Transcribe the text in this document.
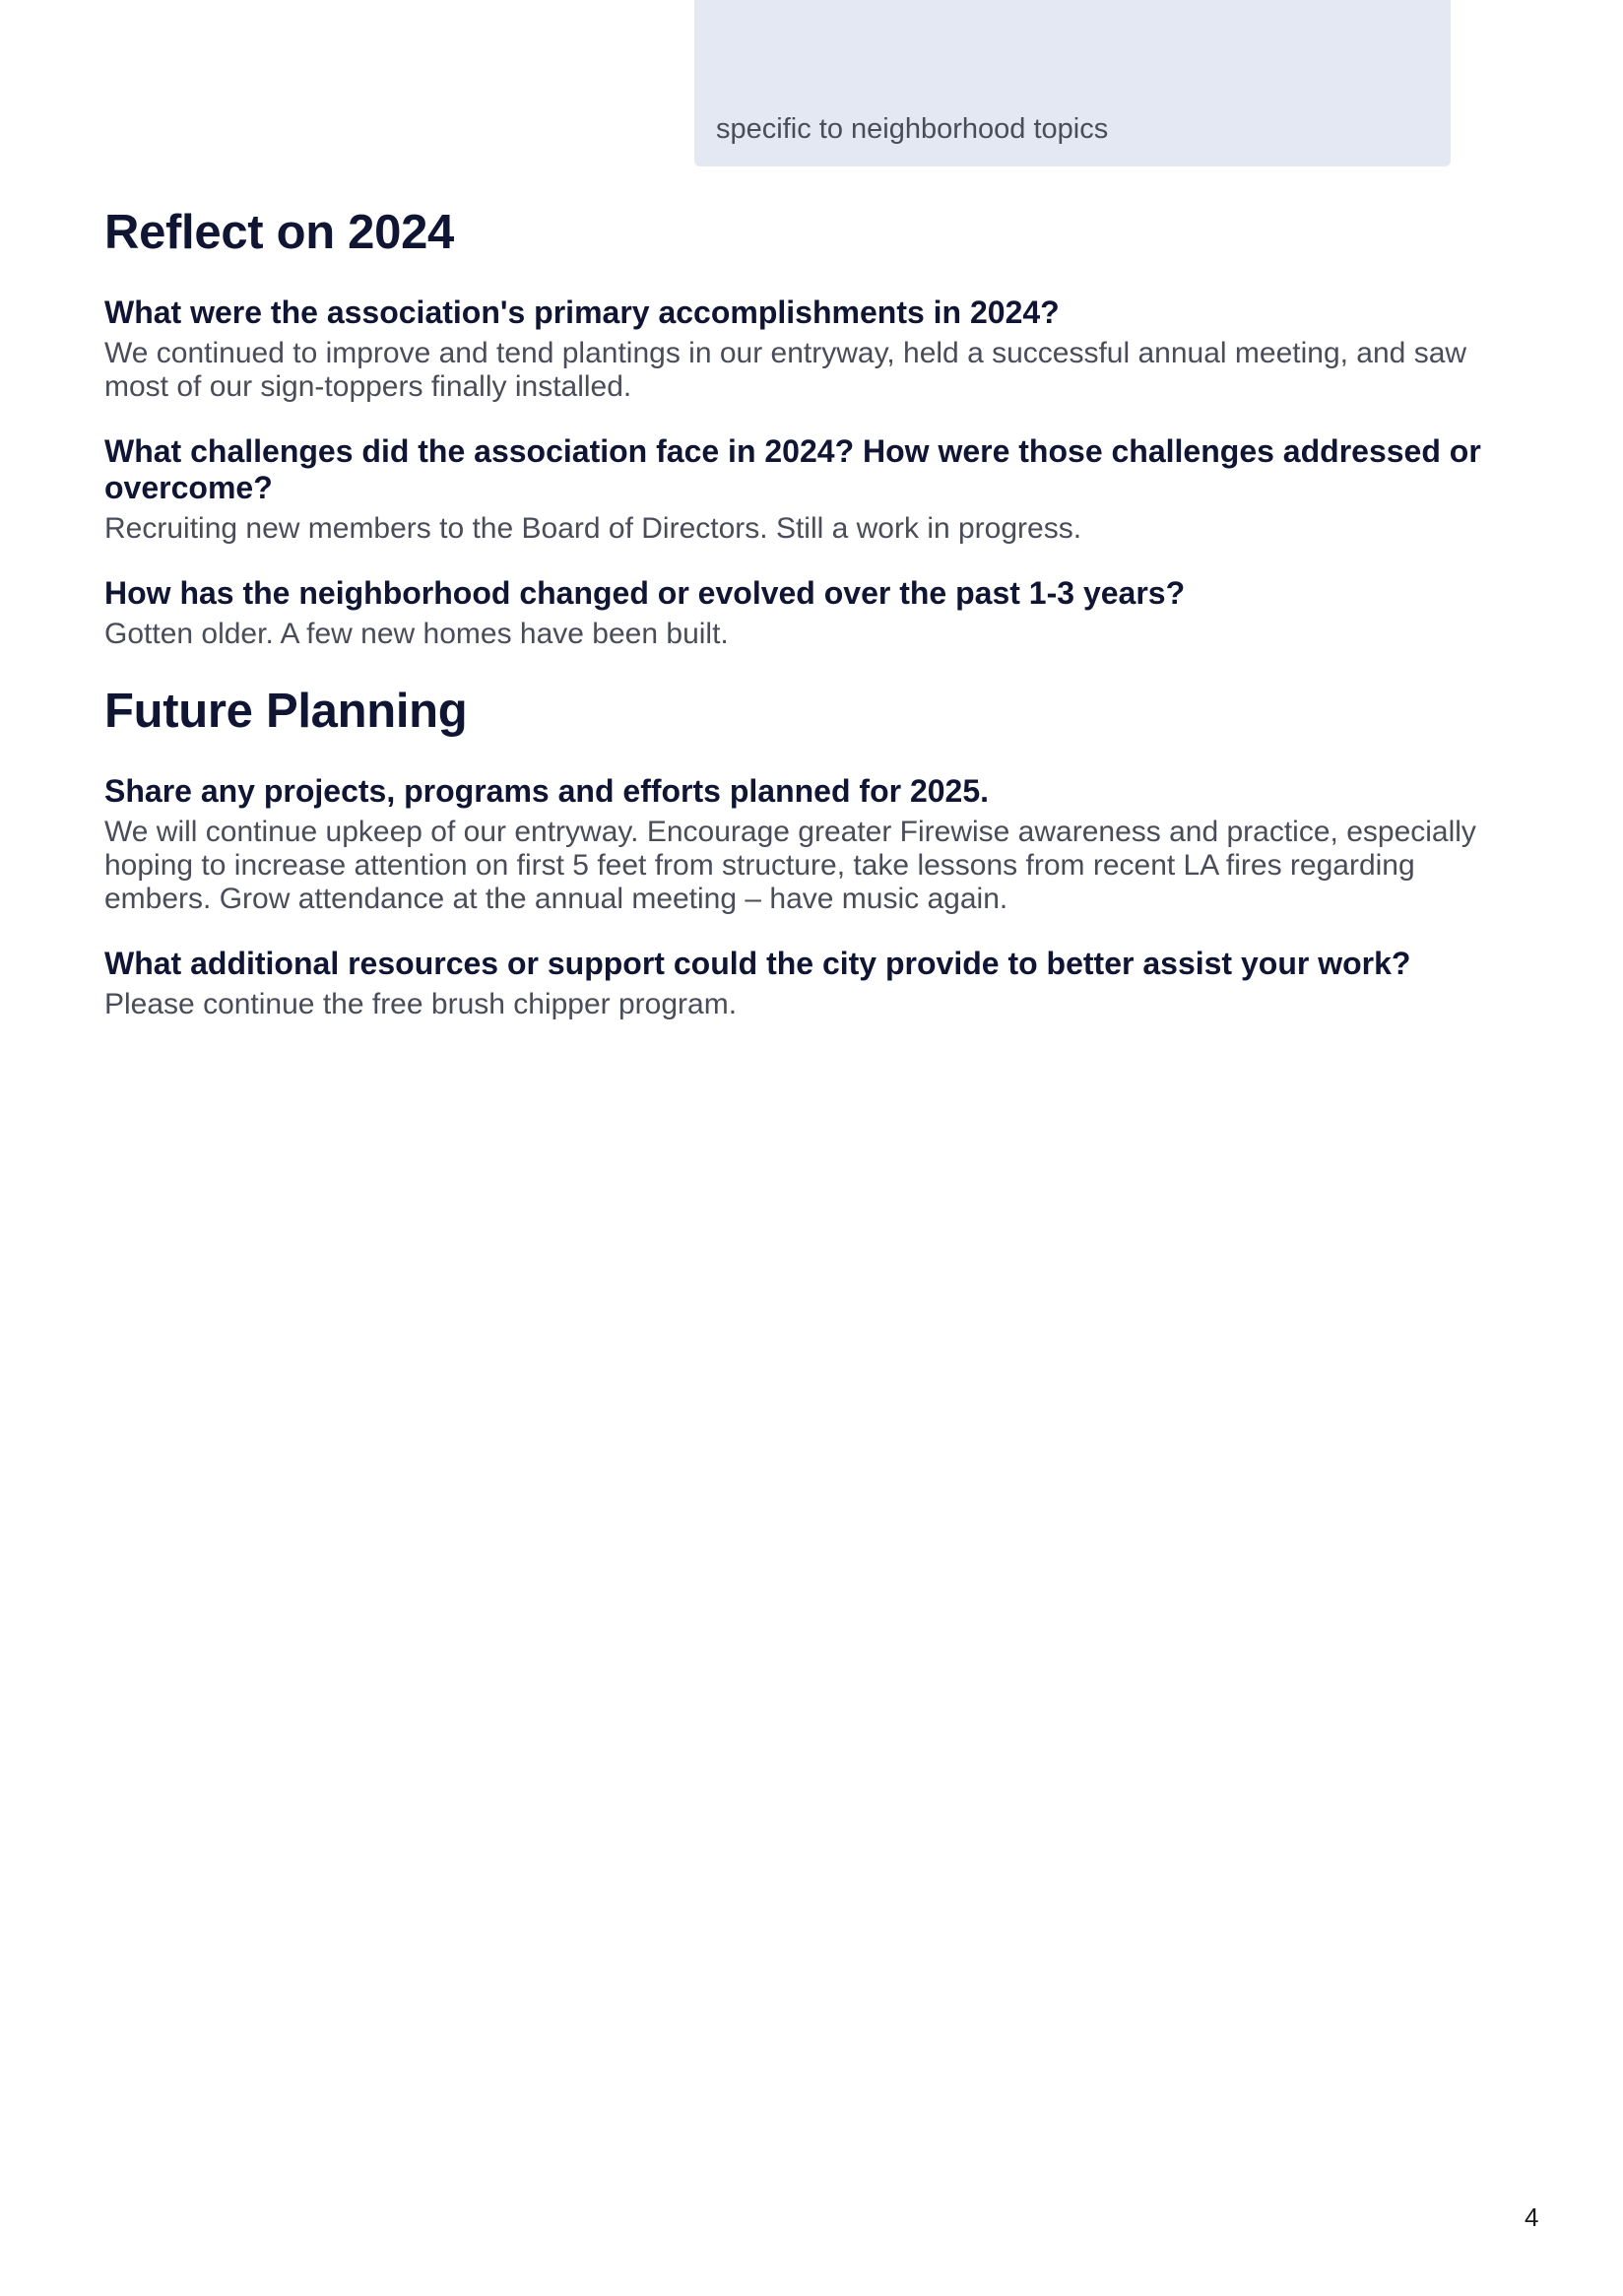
specific to neighborhood topics
Reflect on 2024

What were the association's primary accomplishments in 2024?

We continued to improve and tend plantings in our entryway, held a successful annual meeting, and saw most of our sign-toppers finally installed.

What challenges did the association face in 2024? How were those challenges addressed or overcome?

Recruiting new members to the Board of Directors. Still a work in progress.

How has the neighborhood changed or evolved over the past 1-3 years?

Gotten older. A few new homes have been built.

Future Planning

Share any projects, programs and efforts planned for 2025.

We will continue upkeep of our entryway. Encourage greater Firewise awareness and practice, especially hoping to increase attention on first 5 feet from structure, take lessons from recent LA fires regarding embers. Grow attendance at the annual meeting – have music again.

What additional resources or support could the city provide to better assist your work?

Please continue the free brush chipper program.

4
